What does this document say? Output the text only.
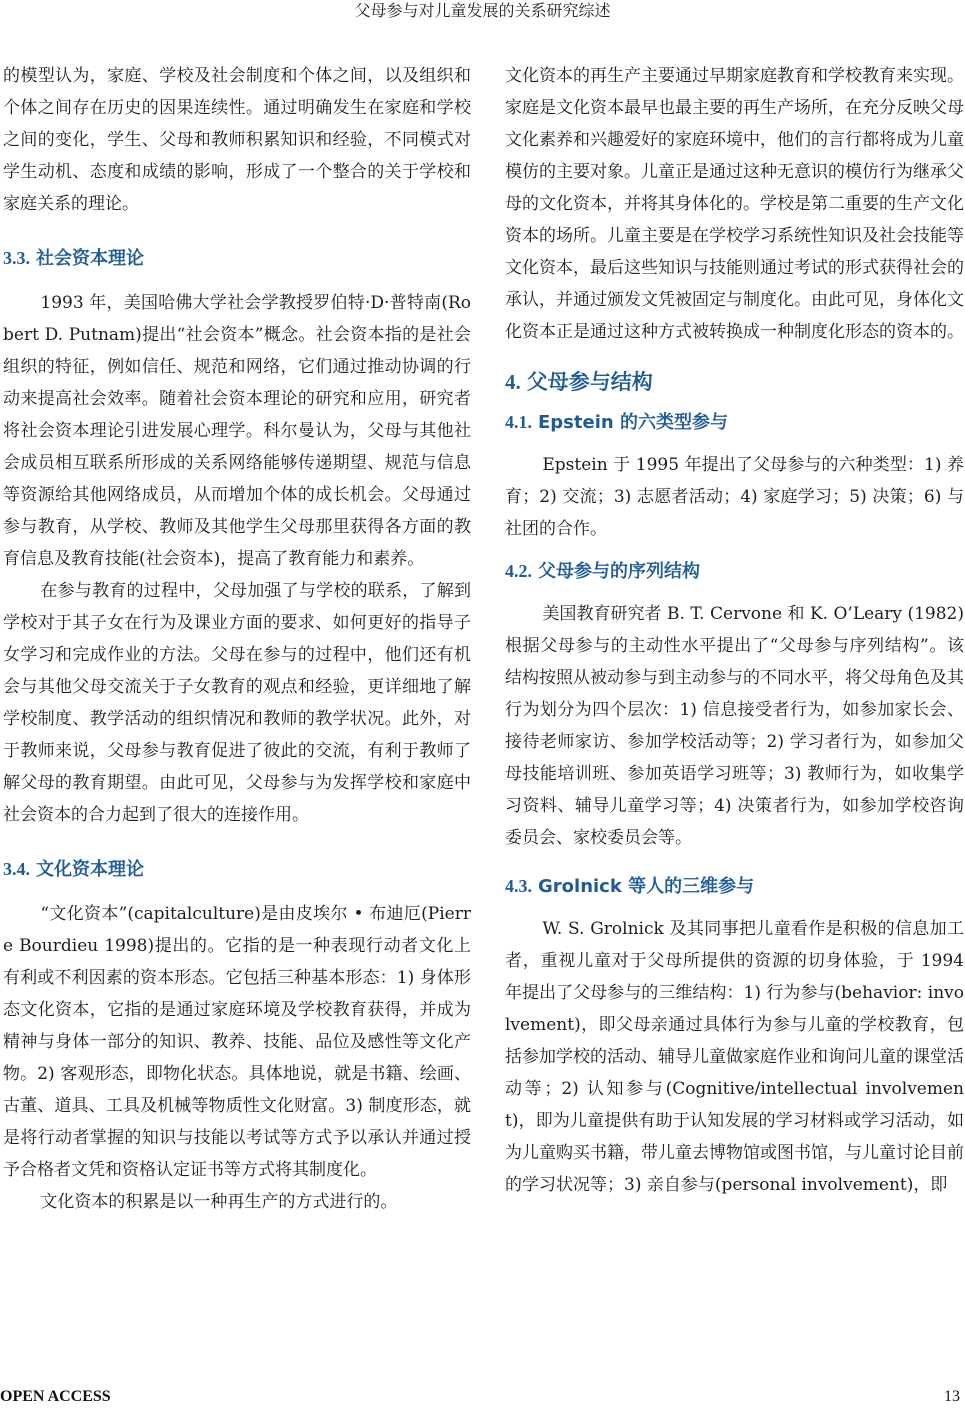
父母参与对儿童发展的关系研究综述

的模型认为，家庭、学校及社会制度和个体之间，以及组织和个体之间存在历史的因果连续性。通过明确发生在家庭和学校之间的变化，学生、父母和教师积累知识和经验，不同模式对学生动机、态度和成绩的影响，形成了一个整合的关于学校和家庭关系的理论。

3.3. 社会资本理论

1993 年，美国哈佛大学社会学教授罗伯特·D·普特南(Robert D. Putnam)提出“社会资本”概念。社会资本指的是社会组织的特征，例如信任、规范和网络，它们通过推动协调的行动来提高社会效率。随着社会资本理论的研究和应用，研究者将社会资本理论引进发展心理学。科尔曼认为，父母与其他社会成员相互联系所形成的关系网络能够传递期望、规范与信息等资源给其他网络成员，从而增加个体的成长机会。父母通过参与教育，从学校、教师及其他学生父母那里获得各方面的教育信息及教育技能(社会资本)，提高了教育能力和素养。

在参与教育的过程中，父母加强了与学校的联系，了解到学校对于其子女在行为及课业方面的要求、如何更好的指导子女学习和完成作业的方法。父母在参与的过程中，他们还有机会与其他父母交流关于子女教育的观点和经验，更详细地了解学校制度、教学活动的组织情况和教师的教学状况。此外，对于教师来说，父母参与教育促进了彼此的交流，有利于教师了解父母的教育期望。由此可见，父母参与为发挥学校和家庭中社会资本的合力起到了很大的连接作用。

3.4. 文化资本理论

“文化资本”(capitalculture)是由皮埃尔 • 布迪厄(Pierre Bourdieu 1998)提出的。它指的是一种表现行动者文化上有利或不利因素的资本形态。它包括三种基本形态：1) 身体形态文化资本，它指的是通过家庭环境及学校教育获得，并成为精神与身体一部分的知识、教养、技能、品位及感性等文化产物。2) 客观形态，即物化状态。具体地说，就是书籍、绘画、古董、道具、工具及机械等物质性文化财富。3) 制度形态，就是将行动者掌握的知识与技能以考试等方式予以承认并通过授予合格者文凭和资格认定证书等方式将其制度化。

文化资本的积累是以一种再生产的方式进行的。

文化资本的再生产主要通过早期家庭教育和学校教育来实现。家庭是文化资本最早也最主要的再生产场所，在充分反映父母文化素养和兴趣爱好的家庭环境中，他们的言行都将成为儿童模仿的主要对象。儿童正是通过这种无意识的模仿行为继承父母的文化资本，并将其身体化的。学校是第二重要的生产文化资本的场所。儿童主要是在学校学习系统性知识及社会技能等文化资本，最后这些知识与技能则通过考试的形式获得社会的承认，并通过颁发文凭被固定与制度化。由此可见，身体化文化资本正是通过这种方式被转换成一种制度化形态的资本的。

4. 父母参与结构
4.1. Epstein 的六类型参与

Epstein 于 1995 年提出了父母参与的六种类型：1) 养育；2) 交流；3) 志愿者活动；4) 家庭学习；5) 决策；6) 与社团的合作。

4.2. 父母参与的序列结构

美国教育研究者 B. T. Cervone 和 K. O’Leary (1982)根据父母参与的主动性水平提出了“父母参与序列结构”。该结构按照从被动参与到主动参与的不同水平，将父母角色及其行为划分为四个层次：1) 信息接受者行为，如参加家长会、接待老师家访、参加学校活动等；2) 学习者行为，如参加父母技能培训班、参加英语学习班等；3) 教师行为，如收集学习资料、辅导儿童学习等；4) 决策者行为，如参加学校咨询委员会、家校委员会等。

4.3. Grolnick 等人的三维参与

W. S. Grolnick 及其同事把儿童看作是积极的信息加工者，重视儿童对于父母所提供的资源的切身体验，于 1994 年提出了父母参与的三维结构：1) 行为参与(behavior: involvement)，即父母亲通过具体行为参与儿童的学校教育，包括参加学校的活动、辅导儿童做家庭作业和询问儿童的课堂活动等；2) 认知参与(Cognitive/intellectual involvement)，即为儿童提供有助于认知发展的学习材料或学习活动，如为儿童购买书籍，带儿童去博物馆或图书馆，与儿童讨论目前的学习状况等；3) 亲自参与(personal involvement)，即

OPEN ACCESS	13
